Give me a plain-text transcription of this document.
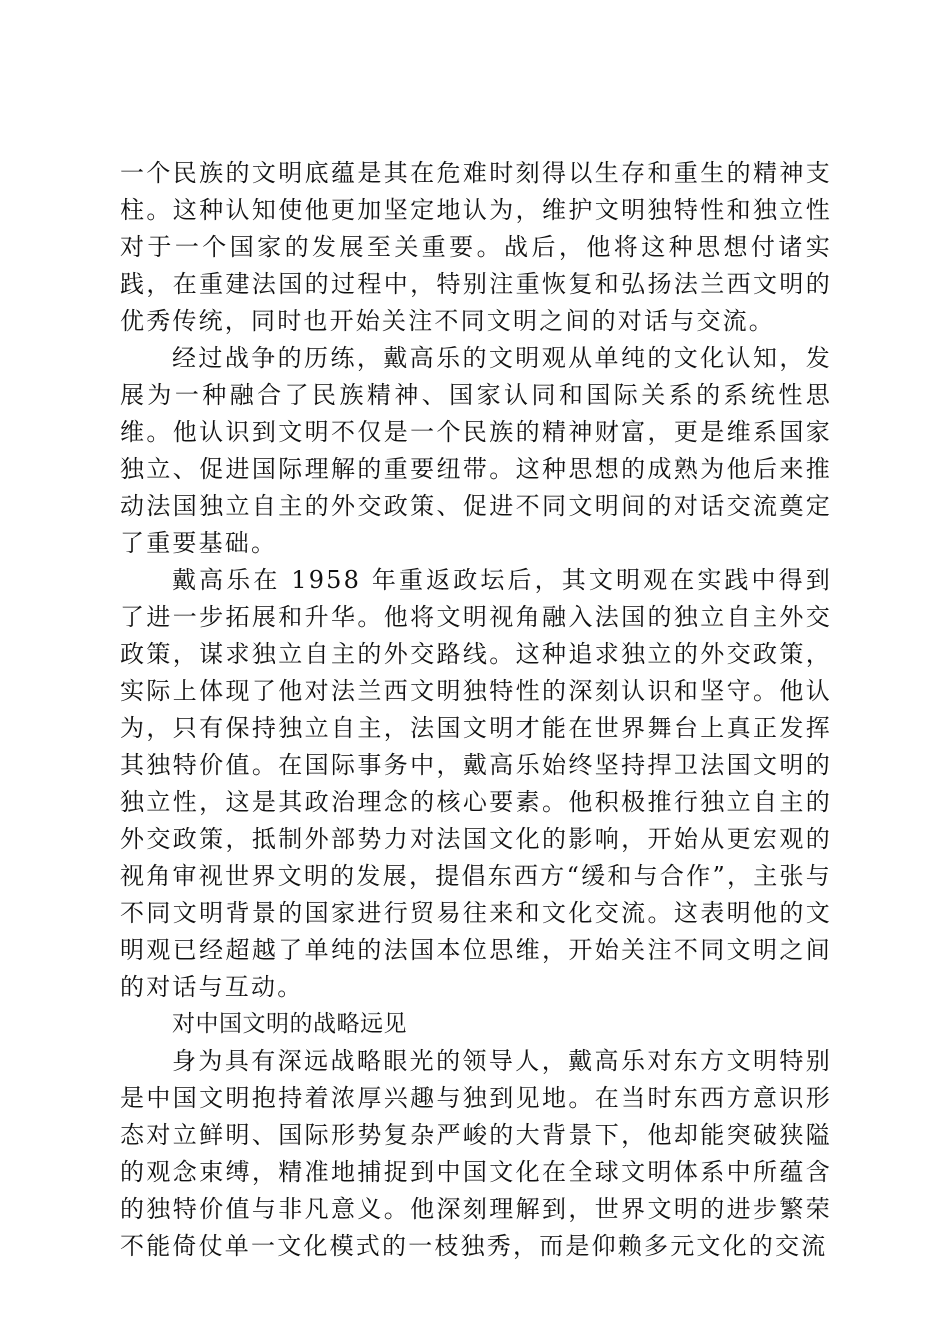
一个民族的文明底蕴是其在危难时刻得以生存和重生的精神支柱。这种认知使他更加坚定地认为，维护文明独特性和独立性对于一个国家的发展至关重要。战后，他将这种思想付诸实践，在重建法国的过程中，特别注重恢复和弘扬法兰西文明的优秀传统，同时也开始关注不同文明之间的对话与交流。

经过战争的历练，戴高乐的文明观从单纯的文化认知，发展为一种融合了民族精神、国家认同和国际关系的系统性思维。他认识到文明不仅是一个民族的精神财富，更是维系国家独立、促进国际理解的重要纽带。这种思想的成熟为他后来推动法国独立自主的外交政策、促进不同文明间的对话交流奠定了重要基础。

戴高乐在 1958 年重返政坛后，其文明观在实践中得到了进一步拓展和升华。他将文明视角融入法国的独立自主外交政策，谋求独立自主的外交路线。这种追求独立的外交政策，实际上体现了他对法兰西文明独特性的深刻认识和坚守。他认为，只有保持独立自主，法国文明才能在世界舞台上真正发挥其独特价值。在国际事务中，戴高乐始终坚持捍卫法国文明的独立性，这是其政治理念的核心要素。他积极推行独立自主的外交政策，抵制外部势力对法国文化的影响，开始从更宏观的视角审视世界文明的发展，提倡东西方“缓和与合作”，主张与不同文明背景的国家进行贸易往来和文化交流。这表明他的文明观已经超越了单纯的法国本位思维，开始关注不同文明之间的对话与互动。

对中国文明的战略远见

身为具有深远战略眼光的领导人，戴高乐对东方文明特别是中国文明抱持着浓厚兴趣与独到见地。在当时东西方意识形态对立鲜明、国际形势复杂严峻的大背景下，他却能突破狭隘的观念束缚，精准地捕捉到中国文化在全球文明体系中所蕴含的独特价值与非凡意义。他深刻理解到，世界文明的进步繁荣不能倚仗单一文化模式的一枝独秀，而是仰赖多元文化的交流
